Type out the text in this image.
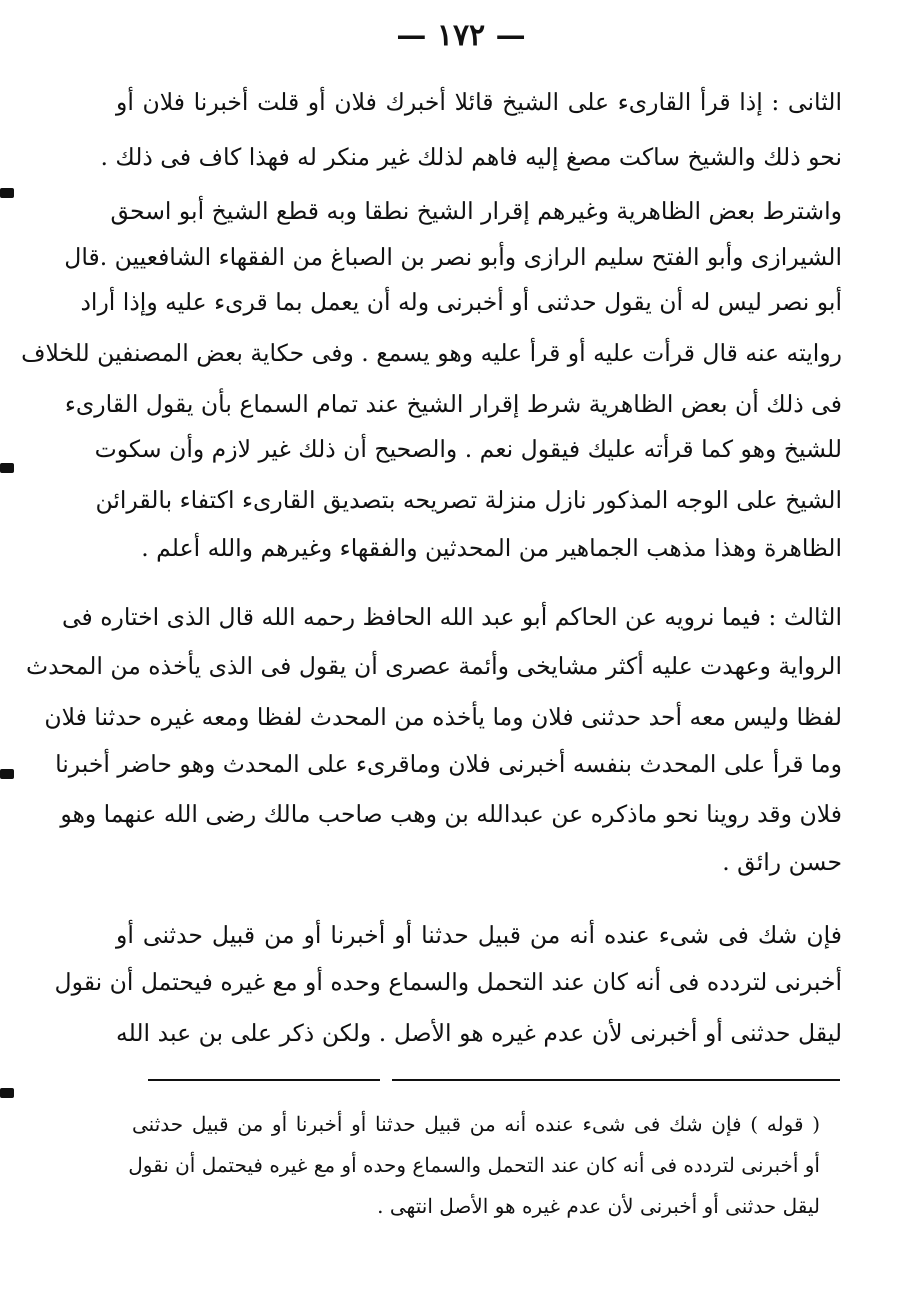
— ١٧٢ —
الثانى : إذا قرأ القارىء على الشيخ قائلا أخبرك فلان أو قلت أخبرنا فلان أو
نحو ذلك والشيخ ساكت مصغ إليه فاهم لذلك غير منكر له فهذا كاف فى ذلك .
واشترط بعض الظاهرية وغيرهم إقرار الشيخ نطقا وبه قطع الشيخ أبو اسحق
الشيرازى وأبو الفتح سليم الرازى وأبو نصر بن الصباغ من الفقهاء الشافعيين .قال
أبو نصر ليس له أن يقول حدثنى أو أخبرنى وله أن يعمل بما قرىء عليه وإذا أراد
روايته عنه قال قرأت عليه أو قرأ عليه وهو يسمع . وفى حكاية بعض المصنفين للخلاف
فى ذلك أن بعض الظاهرية شرط إقرار الشيخ عند تمام السماع بأن يقول القارىء
للشيخ وهو كما قرأته عليك فيقول نعم . والصحيح أن ذلك غير لازم وأن سكوت
الشيخ على الوجه المذكور نازل منزلة تصريحه بتصديق القارىء اكتفاء بالقرائن
الظاهرة وهذا مذهب الجماهير من المحدثين والفقهاء وغيرهم والله أعلم .
الثالث : فيما نرويه عن الحاكم أبو عبد الله الحافظ رحمه الله قال الذى اختاره فى
الرواية وعهدت عليه أكثر مشايخى وأئمة عصرى أن يقول فى الذى يأخذه من المحدث
لفظا وليس معه أحد حدثنى فلان وما يأخذه من المحدث لفظا ومعه غيره حدثنا فلان
وما قرأ على المحدث بنفسه أخبرنى فلان وماقرىء على المحدث وهو حاضر أخبرنا
فلان وقد روينا نحو ماذكره عن عبدالله بن وهب صاحب مالك رضى الله عنهما وهو
حسن رائق .
فإن شك فى شىء عنده أنه من قبيل حدثنا أو أخبرنا أو من قبيل حدثنى أو
أخبرنى لتردده فى أنه كان عند التحمل والسماع وحده أو مع غيره فيحتمل أن نقول
ليقل حدثنى أو أخبرنى لأن عدم غيره هو الأصل . ولكن ذكر على بن عبد الله
( قوله ) فإن شك فى شىء عنده أنه من قبيل حدثنا أو أخبرنا أو من قبيل حدثنى
أو أخبرنى لتردده فى أنه كان عند التحمل والسماع وحده أو مع غيره فيحتمل أن نقول
ليقل حدثنى أو أخبرنى لأن عدم غيره هو الأصل انتهى .
